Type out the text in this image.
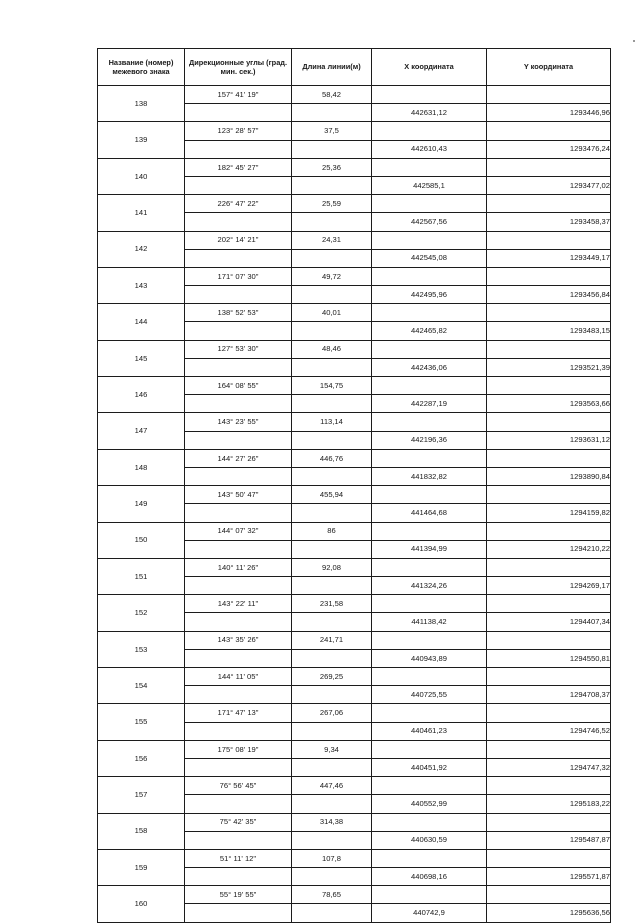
Название (номер) межевого знака	Дирекционные углы (град. мин. сек.)	Длина линии(м)	X координата	Y координата
138	157° 41' 19"	58,42		
			442631,12	1293446,96
139	123° 28' 57"	37,5		
			442610,43	1293476,24
140	182° 45' 27"	25,36		
			442585,1	1293477,02
141	226° 47' 22"	25,59		
			442567,56	1293458,37
142	202° 14' 21"	24,31		
			442545,08	1293449,17
143	171° 07' 30"	49,72		
			442495,96	1293456,84
144	138° 52' 53"	40,01		
			442465,82	1293483,15
145	127° 53' 30"	48,46		
			442436,06	1293521,39
146	164° 08' 55"	154,75		
			442287,19	1293563,66
147	143° 23' 55"	113,14		
			442196,36	1293631,12
148	144° 27' 26"	446,76		
			441832,82	1293890,84
149	143° 50' 47"	455,94		
			441464,68	1294159,82
150	144° 07' 32"	86		
			441394,99	1294210,22
151	140° 11' 26"	92,08		
			441324,26	1294269,17
152	143° 22' 11"	231,58		
			441138,42	1294407,34
153	143° 35' 26"	241,71		
			440943,89	1294550,81
154	144° 11' 05"	269,25		
			440725,55	1294708,37
155	171° 47' 13"	267,06		
			440461,23	1294746,52
156	175° 08' 19"	9,34		
			440451,92	1294747,32
157	76° 56' 45"	447,46		
			440552,99	1295183,22
158	75° 42' 35"	314,38		
			440630,59	1295487,87
159	51° 11' 12"	107,8		
			440698,16	1295571,87
160	55° 19' 55"	78,65		
			440742,9	1295636,56
